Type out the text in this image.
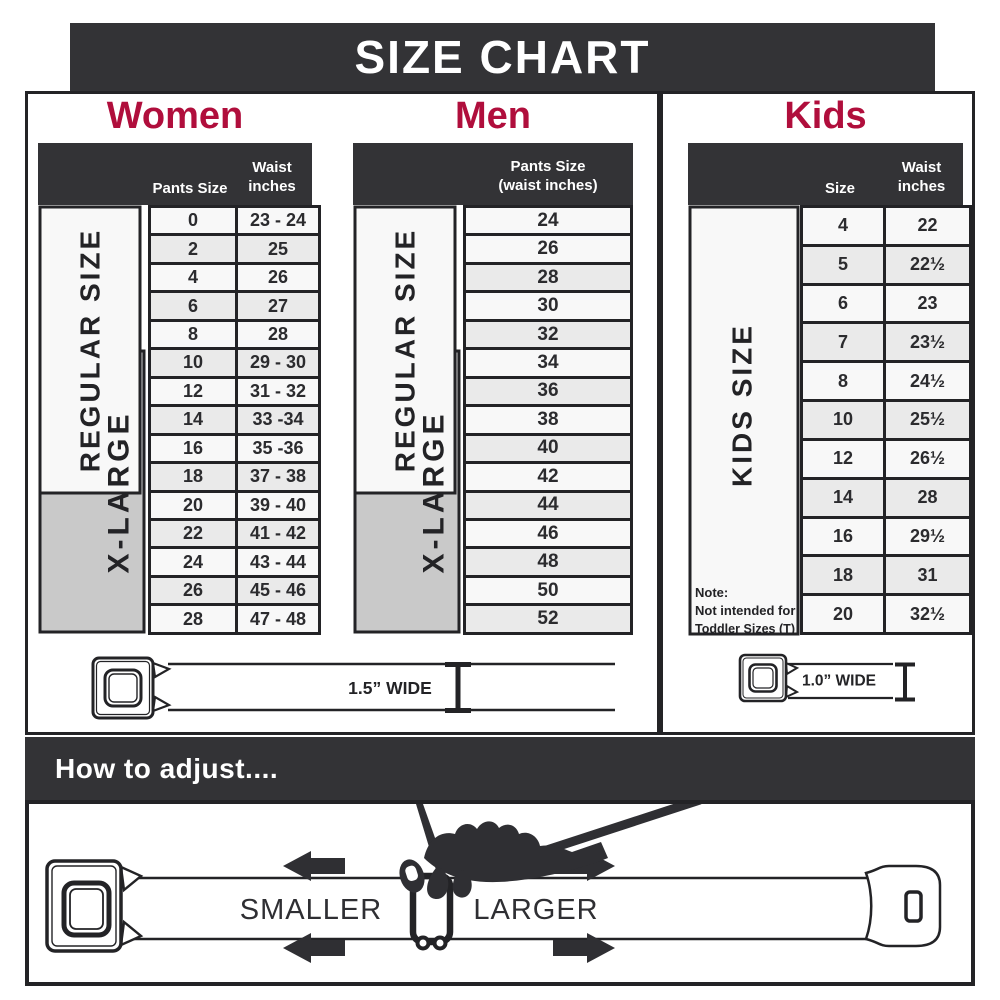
SIZE CHART
Women	Men	Kids
Pants Size
Waist
inches
REGULAR SIZE
X-LARGE
0	23 - 24
2	25
4	26
6	27
8	28
10	29 - 30
12	31 - 32
14	33 -34
16	35 -36
18	37 - 38
20	39 - 40
22	41 - 42
24	43 - 44
26	45 - 46
28	47 - 48
Pants Size
(waist inches)
REGULAR SIZE
X-LARGE
24
26
28
30
32
34
36
38
40
42
44
46
48
50
52
Size
Waist
inches
KIDS SIZE
Note:
Not intended for
Toddler Sizes (T)
4	22
5	22½
6	23
7	23½
8	24½
10	25½
12	26½
14	28
16	29½
18	31
20	32½
1.5” WIDE	1.0” WIDE
How to adjust....
SMALLER	LARGER
